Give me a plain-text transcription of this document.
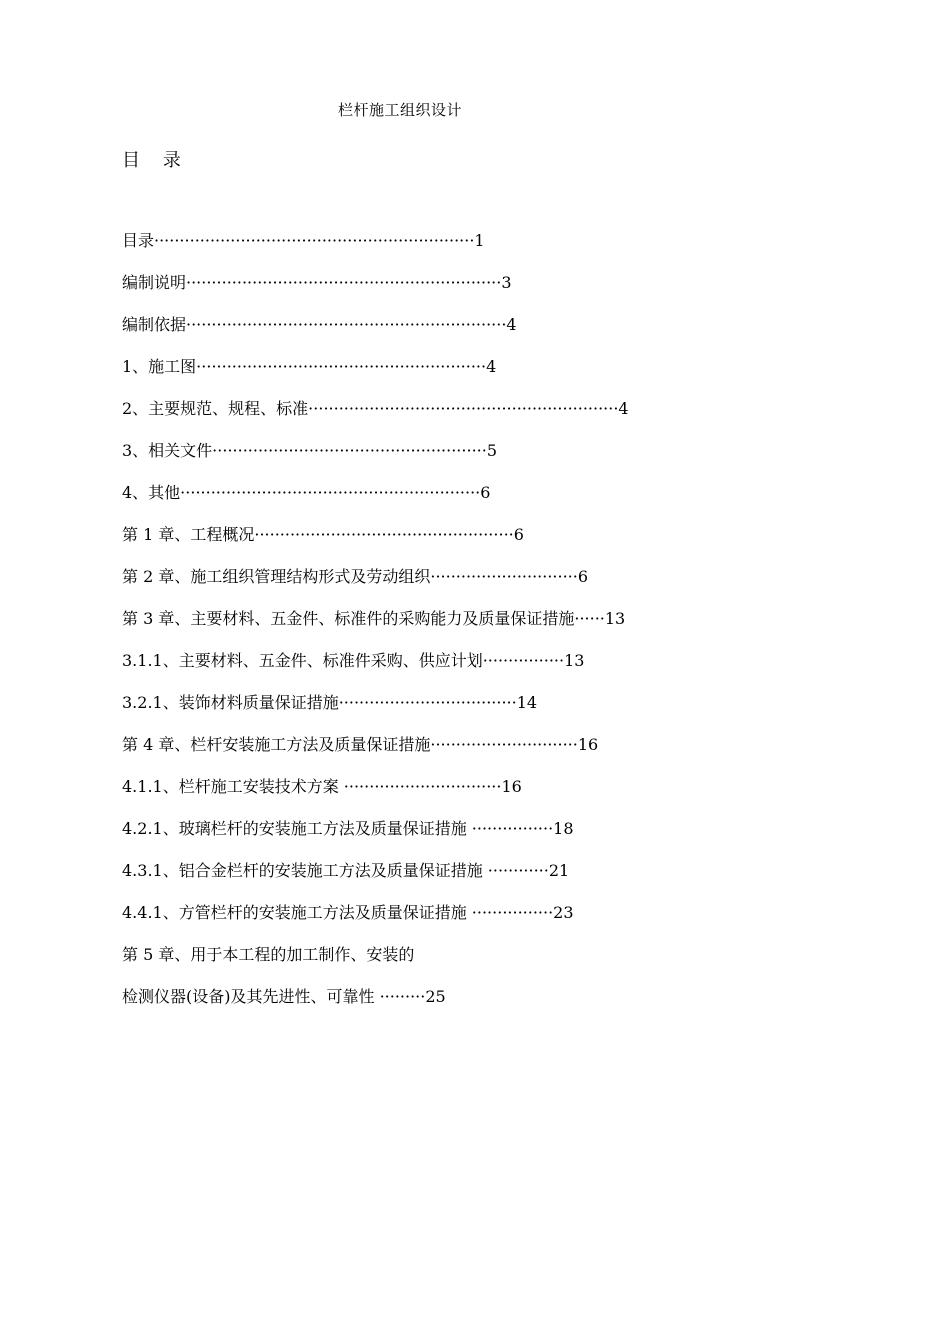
栏杆施工组织设计
目    录
目录·······························································1
编制说明······························································3
编制依据·······························································4
1、施工图·························································4
2、主要规范、规程、标准·····························································4
3、相关文件······················································5
4、其他···························································6
第 1 章、工程概况···················································6
第 2 章、施工组织管理结构形式及劳动组织·····························6
第 3 章、主要材料、五金件、标准件的采购能力及质量保证措施······13
3.1.1、主要材料、五金件、标准件采购、供应计划················13
3.2.1、装饰材料质量保证措施···································14
第 4 章、栏杆安装施工方法及质量保证措施·····························16
4.1.1、栏杆施工安装技术方案 ·······························16
4.2.1、玻璃栏杆的安装施工方法及质量保证措施 ················18
4.3.1、铝合金栏杆的安装施工方法及质量保证措施 ············21
4.4.1、方管栏杆的安装施工方法及质量保证措施 ················23
第 5 章、用于本工程的加工制作、安装的
检测仪器(设备)及其先进性、可靠性 ·········25
